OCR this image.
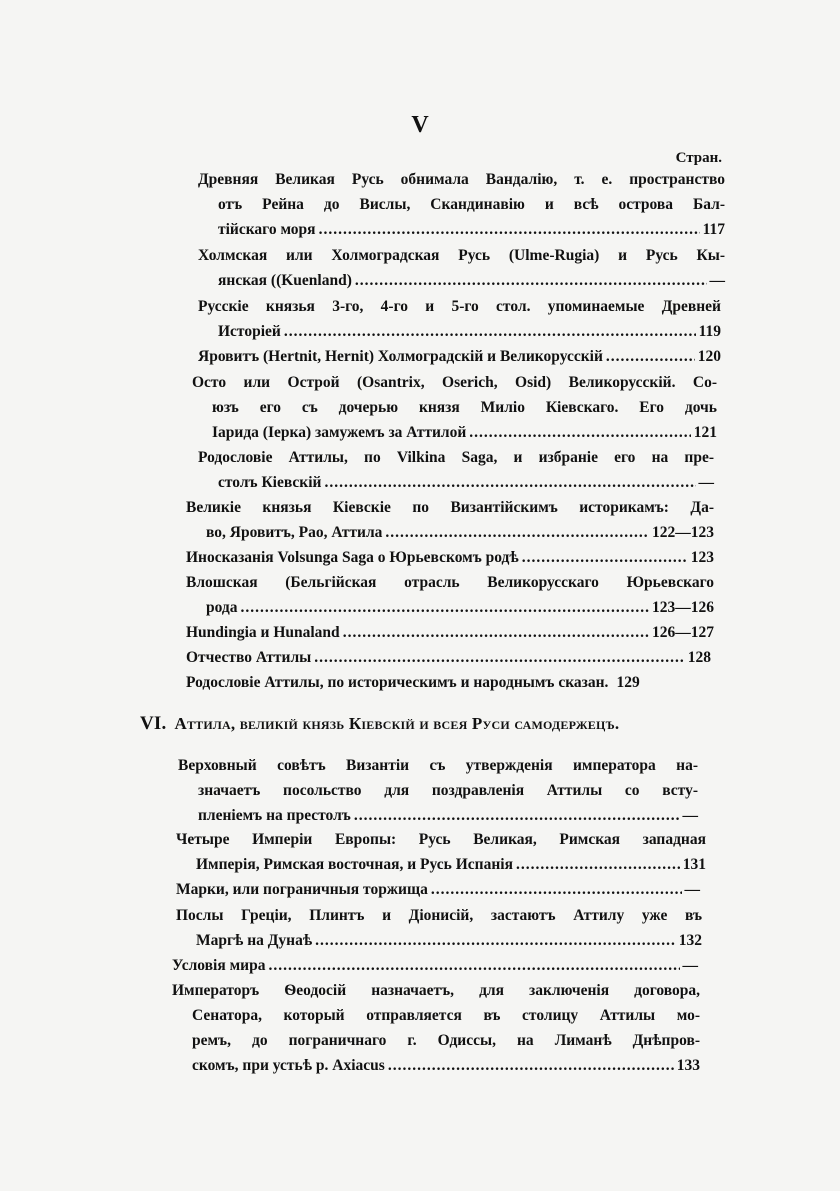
V
Стран.
Древняя Великая Русь обнимала Вандалію, т. е. пространство
отъ Рейна до Вислы, Скандинавію и всѣ острова Бал-
тійскаго моря .....	117
Холмская или Холмоградская Русь (Ulme-Rugia) и Русь Кы-
янская ((Kuenland) .....	—
Русскіе князья 3-го, 4-го и 5-го стол. упоминаемые Древней
Исторіей .....	119
Яровитъ (Hertnit, Hernit) Холмоградскій и Великорусскій .....	120
Осто или Острой (Osantrix, Oserich, Osid) Великорусскій. Со-
юзъ его съ дочерью князя Миліо Кіевскаго. Его дочь
Іарида (Іерка) замужемъ за Аттилой .....	121
Родословіе Аттилы, по Vilkina Saga, и избраніе его на пре-
столъ Кіевскій .....	—
Великіе князья Кіевскіе по Византійскимъ историкамъ: Да-
во, Яровитъ, Рао, Аттила .....	122—123
Иносказанія Volsunga Saga о Юрьевскомъ родѣ .....	123
Влошская (Бельгійская отрасль Великорусскаго Юрьевскаго
рода .....	123—126
Hundingia и Hunaland .....	126—127
Отчество Аттилы .....	128
Родословіе Аттилы, по историческимъ и народнымъ сказан. 129
VI. Аттила, великій князь Кіевскій и всея Руси самодержецъ.
Верховный совѣтъ Византіи съ утвержденія императора на-
значаетъ посольство для поздравленія Аттилы со всту-
пленіемъ на престолъ .....	—
Четыре Имперіи Европы: Русь Великая, Римская западная
Имперія, Римская восточная, и Русь Испанія .....	131
Марки, или пограничныя торжища .....	—
Послы Греціи, Плинтъ и Діонисій, застаютъ Аттилу уже въ
Маргѣ на Дунаѣ .....	132
Условія мира .....	—
Императоръ Ѳеодосій назначаетъ, для заключенія договора,
Сенатора, который отправляется въ столицу Аттилы мо-
ремъ, до пограничнаго г. Одиссы, на Лиманѣ Днѣпров-
скомъ, при устьѣ р. Axiacus .....	133
